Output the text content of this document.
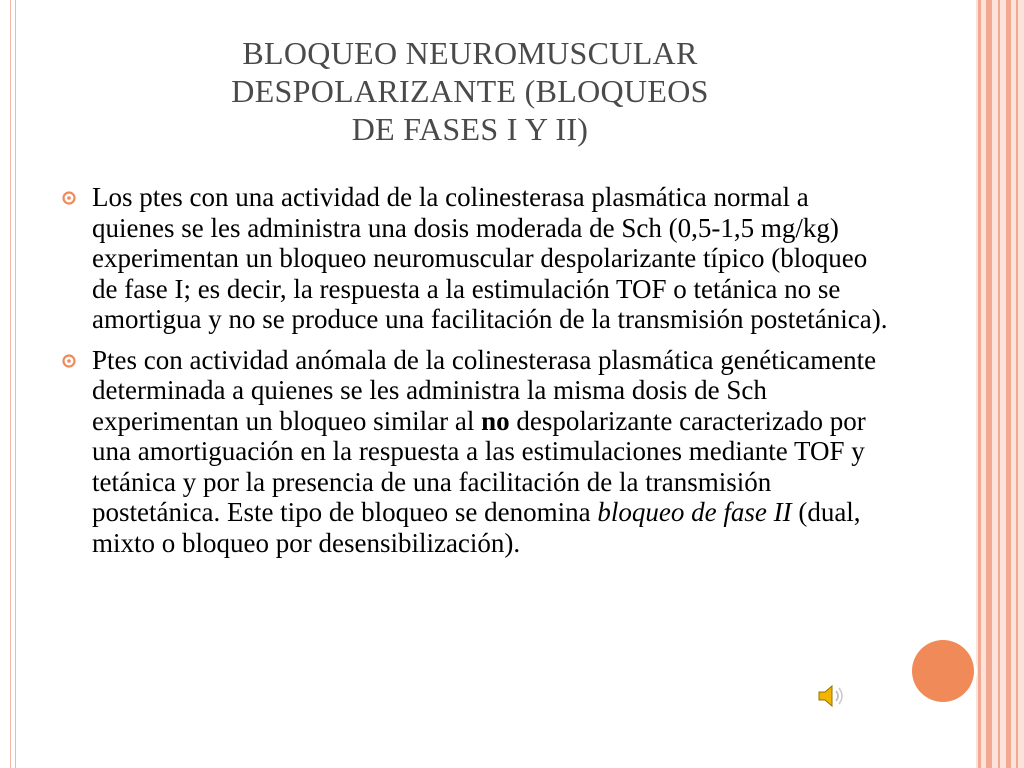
BLOQUEO NEUROMUSCULAR
DESPOLARIZANTE (BLOQUEOS
DE FASES I Y II)
Los ptes con una actividad de la colinesterasa plasmática normal a quienes se les administra una dosis moderada de Sch (0,5-1,5 mg/kg) experimentan un bloqueo neuromuscular despolarizante típico (bloqueo de fase I; es decir, la respuesta a la estimulación TOF o tetánica no se amortigua y no se produce una facilitación de la transmisión postetánica).
Ptes con actividad anómala de la colinesterasa plasmática genéticamente determinada a quienes se les administra la misma dosis de Sch experimentan un bloqueo similar al no despolarizante caracterizado por una amortiguación en la respuesta a las estimulaciones mediante TOF y tetánica y por la presencia de una facilitación de la transmisión postetánica. Este tipo de bloqueo se denomina bloqueo de fase II (dual, mixto o bloqueo por desensibilización).
